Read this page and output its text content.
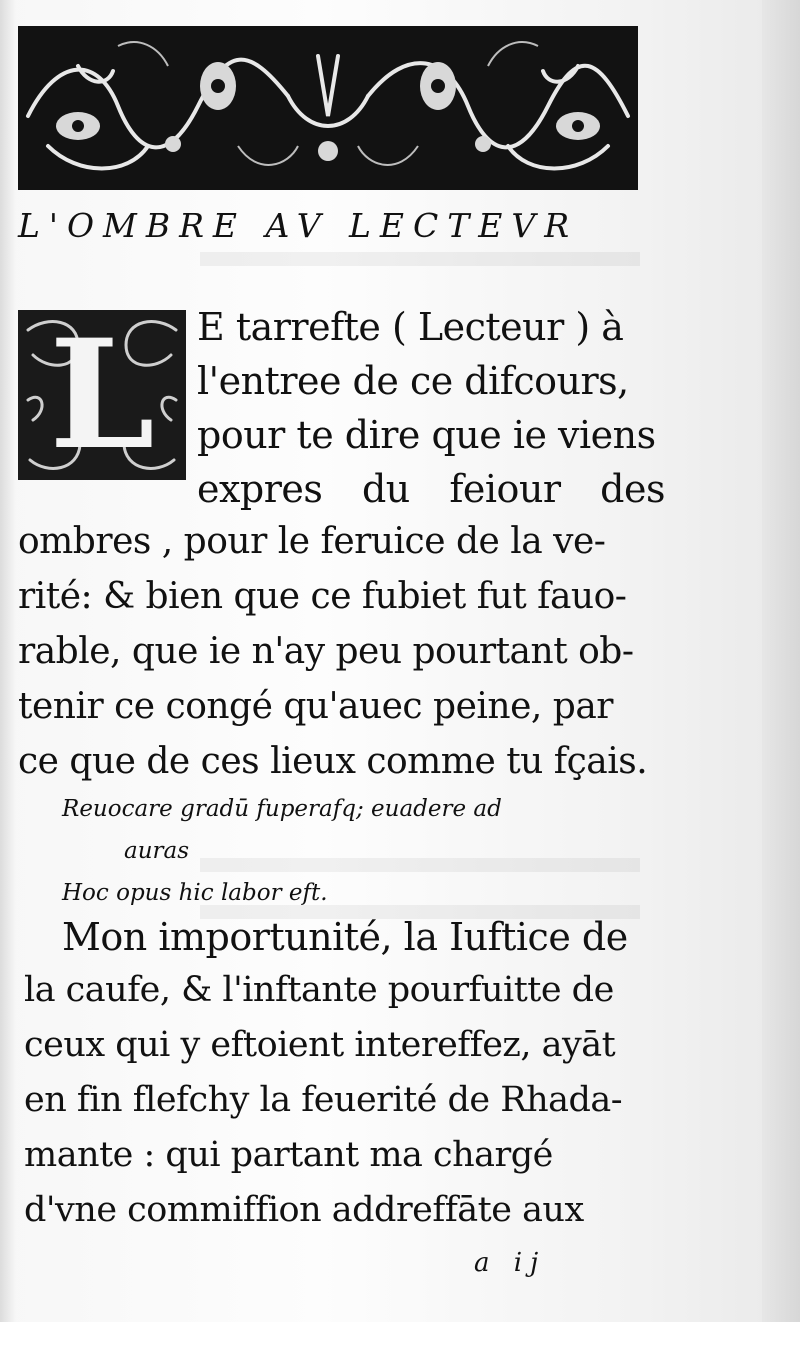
L'OMBRE AV LECTEVR
L	E tarrefte ( Lecteur ) à
l'entree de ce difcours,
pour te dire que ie viens
expres du feiour des
ombres , pour le feruice de la ve-
rité: & bien que ce fubiet fut fauo-
rable, que ie n'ay peu pourtant ob-
tenir ce congé qu'auec peine, par
ce que de ces lieux comme tu fçais.
Reuocare gradū fuperafq; euadere ad
auras
Hoc opus hic labor eft.
Mon importunité, la Iuftice de
la caufe, & l'inftante pourfuitte de
ceux qui y eftoient intereffez, ayāt
en fin flefchy la feuerité de Rhada-
mante : qui partant ma chargé
d'vne commiffion addreffāte aux
a ij
